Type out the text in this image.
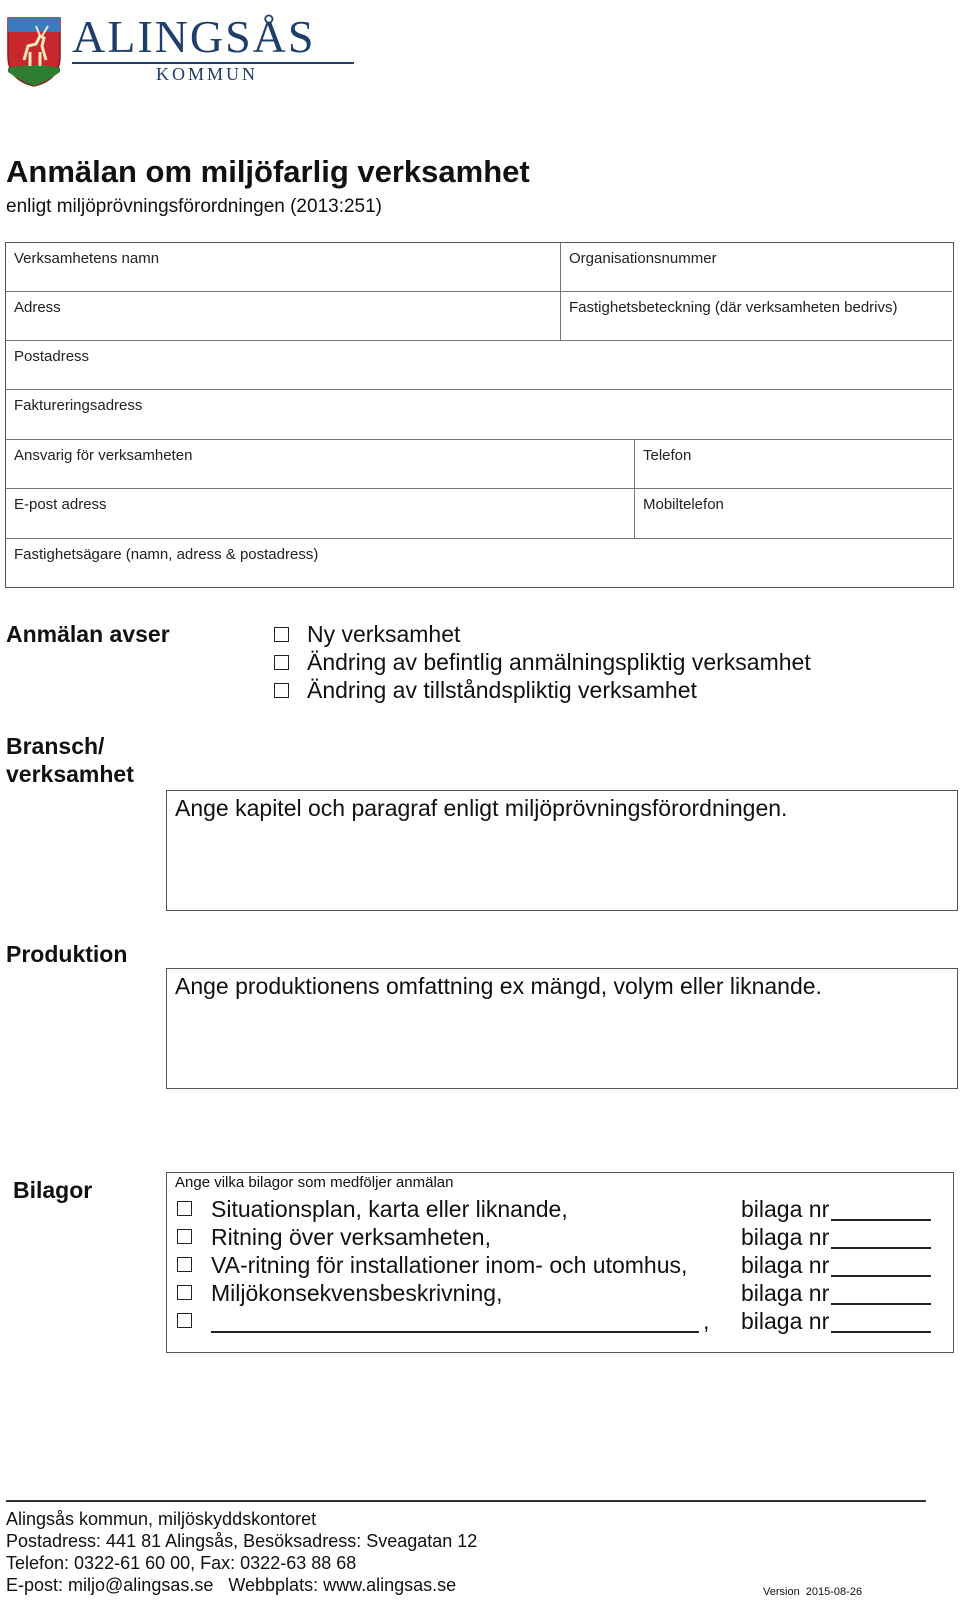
ALINGSÅS
KOMMUN
Anmälan om miljöfarlig verksamhet
enligt miljöprövningsförordningen (2013:251)
Verksamhetens namn	Organisationsnummer
Adress	Fastighetsbeteckning (där verksamheten bedrivs)
Postadress
Faktureringsadress
Ansvarig för verksamheten	Telefon
E-post adress	Mobiltelefon
Fastighetsägare (namn, adress & postadress)
Anmälan avser	Ny verksamhet
Ändring av befintlig anmälningspliktig verksamhet
Ändring av tillståndspliktig verksamhet
Bransch/
verksamhet
Ange kapitel och paragraf enligt miljöprövningsförordningen.
Produktion
Ange produktionens omfattning ex mängd, volym eller liknande.
Bilagor	Ange vilka bilagor som medföljer anmälan
Situationsplan, karta eller liknande,	bilaga nr
Ritning över verksamheten,	bilaga nr
VA-ritning för installationer inom- och utomhus, bilaga nr
Miljökonsekvensbeskrivning,	bilaga nr
, bilaga nr
Alingsås kommun, miljöskyddskontoret
Postadress: 441 81 Alingsås, Besöksadress: Sveagatan 12
Telefon: 0322-61 60 00, Fax: 0322-63 88 68
E-post: miljo@alingsas.se   Webbplats: www.alingsas.se	Version  2015-08-26
